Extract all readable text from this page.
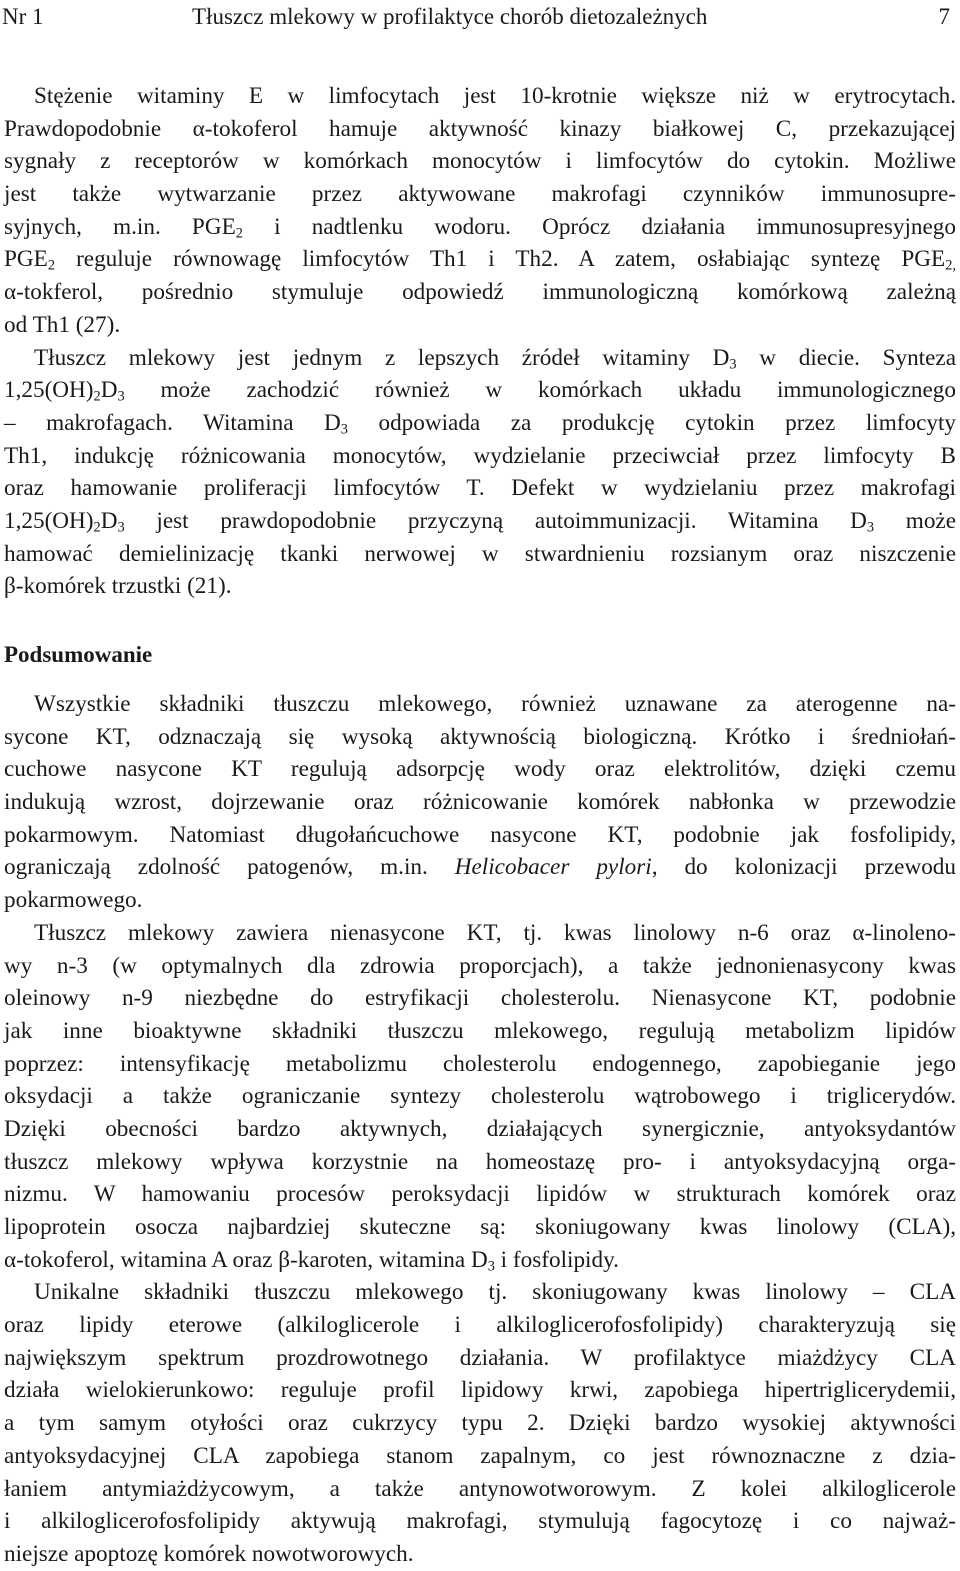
Nr 1	Tłuszcz mlekowy w profilaktyce chorób dietozależnych	7
Stężenie witaminy E w limfocytach jest 10-krotnie większe niż w erytrocytach.
Prawdopodobnie α-tokoferol hamuje aktywność kinazy białkowej C, przekazującej
sygnały z receptorów w komórkach monocytów i limfocytów do cytokin. Możliwe
jest także wytwarzanie przez aktywowane makrofagi czynników immunosupre-
syjnych, m.in. $PGE_2$ i nadtlenku wodoru. Oprócz działania immunosupresyjnego
$PGE_2$ reguluje równowagę limfocytów Th1 i Th2. A zatem, osłabiając syntezę $PGE_{2,}$
α-tokferol, pośrednio stymuluje odpowiedź immunologiczną komórkową zależną
od Th1 (27).
Tłuszcz mlekowy jest jednym z lepszych źródeł witaminy $D_3$ w diecie. Synteza
$1,25(OH)_2D_3$ może zachodzić również w komórkach układu immunologicznego
– makrofagach. Witamina $D_3$ odpowiada za produkcję cytokin przez limfocyty
Th1, indukcję różnicowania monocytów, wydzielanie przeciwciał przez limfocyty B
oraz hamowanie proliferacji limfocytów T. Defekt w wydzielaniu przez makrofagi
$1,25(OH)_2D_3$ jest prawdopodobnie przyczyną autoimmunizacji. Witamina $D_3$ może
hamować demielinizację tkanki nerwowej w stwardnieniu rozsianym oraz niszczenie
β-komórek trzustki (21).
Podsumowanie
Wszystkie składniki tłuszczu mlekowego, również uznawane za aterogenne na-
sycone KT, odznaczają się wysoką aktywnością biologiczną. Krótko i średniołań-
cuchowe nasycone KT regulują adsorpcję wody oraz elektrolitów, dzięki czemu
indukują wzrost, dojrzewanie oraz różnicowanie komórek nabłonka w przewodzie
pokarmowym. Natomiast długołańcuchowe nasycone KT, podobnie jak fosfolipidy,
ograniczają zdolność patogenów, m.in. Helicobacer pylori, do kolonizacji przewodu
pokarmowego.
Tłuszcz mlekowy zawiera nienasycone KT, tj. kwas linolowy n-6 oraz α-linoleno-
wy n-3 (w optymalnych dla zdrowia proporcjach), a także jednonienasycony kwas
oleinowy n-9 niezbędne do estryfikacji cholesterolu. Nienasycone KT, podobnie
jak inne bioaktywne składniki tłuszczu mlekowego, regulują metabolizm lipidów
poprzez: intensyfikację metabolizmu cholesterolu endogennego, zapobieganie jego
oksydacji a także ograniczanie syntezy cholesterolu wątrobowego i triglicerydów.
Dzięki obecności bardzo aktywnych, działających synergicznie, antyoksydantów
tłuszcz mlekowy wpływa korzystnie na homeostazę pro- i antyoksydacyjną orga-
nizmu. W hamowaniu procesów peroksydacji lipidów w strukturach komórek oraz
lipoprotein osocza najbardziej skuteczne są: skoniugowany kwas linolowy (CLA),
α-tokoferol, witamina A oraz β-karoten, witamina $D_3$ i fosfolipidy.
Unikalne składniki tłuszczu mlekowego tj. skoniugowany kwas linolowy – CLA
oraz lipidy eterowe (alkiloglicerole i alkiloglicerofosfolipidy) charakteryzują się
największym spektrum prozdrowotnego działania. W profilaktyce miażdżycy CLA
działa wielokierunkowo: reguluje profil lipidowy krwi, zapobiega hipertriglicerydemii,
a tym samym otyłości oraz cukrzycy typu 2. Dzięki bardzo wysokiej aktywności
antyoksydacyjnej CLA zapobiega stanom zapalnym, co jest równoznaczne z dzia-
łaniem antymiażdżycowym, a także antynowotworowym. Z kolei alkiloglicerole
i alkiloglicerofosfolipidy aktywują makrofagi, stymulują fagocytozę i co najważ-
niejsze apoptozę komórek nowotworowych.
